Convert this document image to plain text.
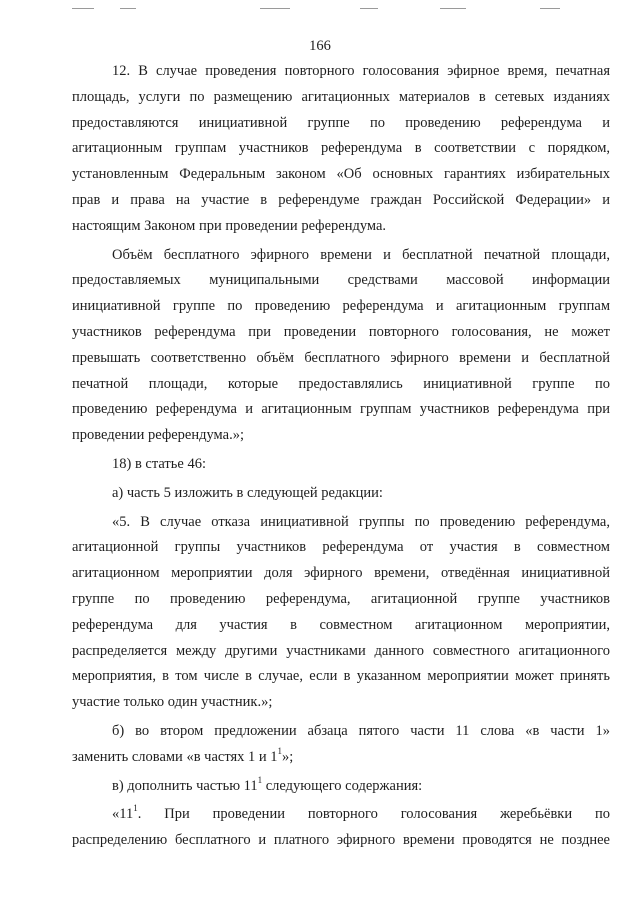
166

12. В случае проведения повторного голосования эфирное время, печатная

площадь, услуги по размещению агитационных материалов в сетевых изданиях

предоставляются инициативной группе по проведению референдума и

агитационным группам участников референдума в соответствии с порядком,

установленным Федеральным законом «Об основных гарантиях избирательных

прав и права на участие в референдуме граждан Российской Федерации» и

настоящим Законом при проведении референдума.

Объём бесплатного эфирного времени и бесплатной печатной площади,

предоставляемых муниципальными средствами массовой информации

инициативной группе по проведению референдума и агитационным группам

участников референдума при проведении повторного голосования, не может

превышать соответственно объём бесплатного эфирного времени и бесплатной

печатной площади, которые предоставлялись инициативной группе по

проведению референдума и агитационным группам участников референдума при

проведении референдума.»;

18) в статье 46:

а) часть 5 изложить в следующей редакции:

«5. В случае отказа инициативной группы по проведению референдума,

агитационной группы участников референдума от участия в совместном

агитационном мероприятии доля эфирного времени, отведённая инициативной

группе по проведению референдума, агитационной группе участников

референдума для участия в совместном агитационном мероприятии,

распределяется между другими участниками данного совместного агитационного

мероприятия, в том числе в случае, если в указанном мероприятии может принять

участие только один участник.»;

б) во втором предложении абзаца пятого части 11 слова «в части 1»

заменить словами «в частях 1 и $1^1$»;

в) дополнить частью $11^1$ следующего содержания:

«$11^1$. При проведении повторного голосования жеребьёвки по

распределению бесплатного и платного эфирного времени проводятся не позднее
